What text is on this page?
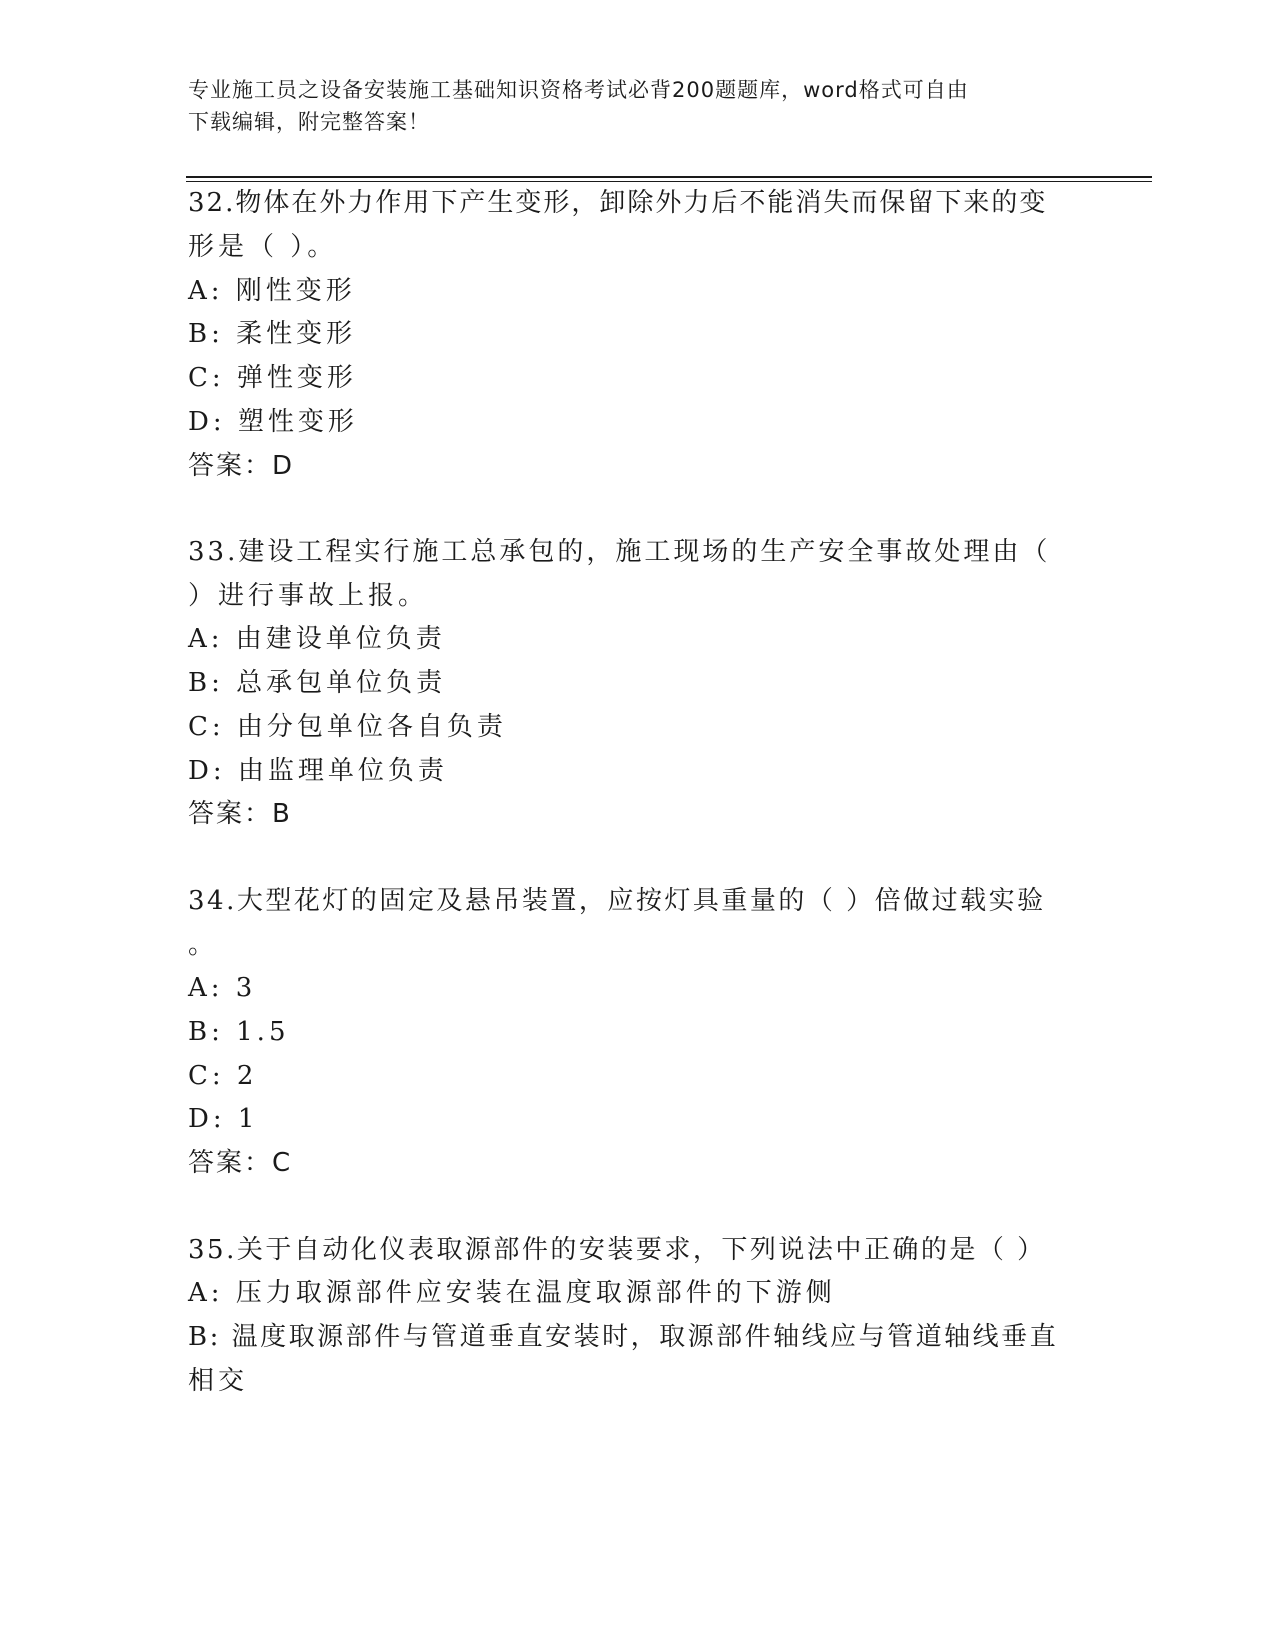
专业施工员之设备安装施工基础知识资格考试必背200题题库，word格式可自由
下载编辑，附完整答案！
32.物体在外力作用下产生变形，卸除外力后不能消失而保留下来的变
形是（ ）。
A: 刚性变形
B: 柔性变形
C: 弹性变形
D: 塑性变形
答案：D
33.建设工程实行施工总承包的，施工现场的生产安全事故处理由（
）进行事故上报。
A: 由建设单位负责
B: 总承包单位负责
C: 由分包单位各自负责
D: 由监理单位负责
答案：B
34.大型花灯的固定及悬吊装置，应按灯具重量的（ ）倍做过载实验
。
A: 3
B: 1.5
C: 2
D: 1
答案：C
35.关于自动化仪表取源部件的安装要求，下列说法中正确的是（ ）
A: 压力取源部件应安装在温度取源部件的下游侧
B: 温度取源部件与管道垂直安装时，取源部件轴线应与管道轴线垂直
相交
